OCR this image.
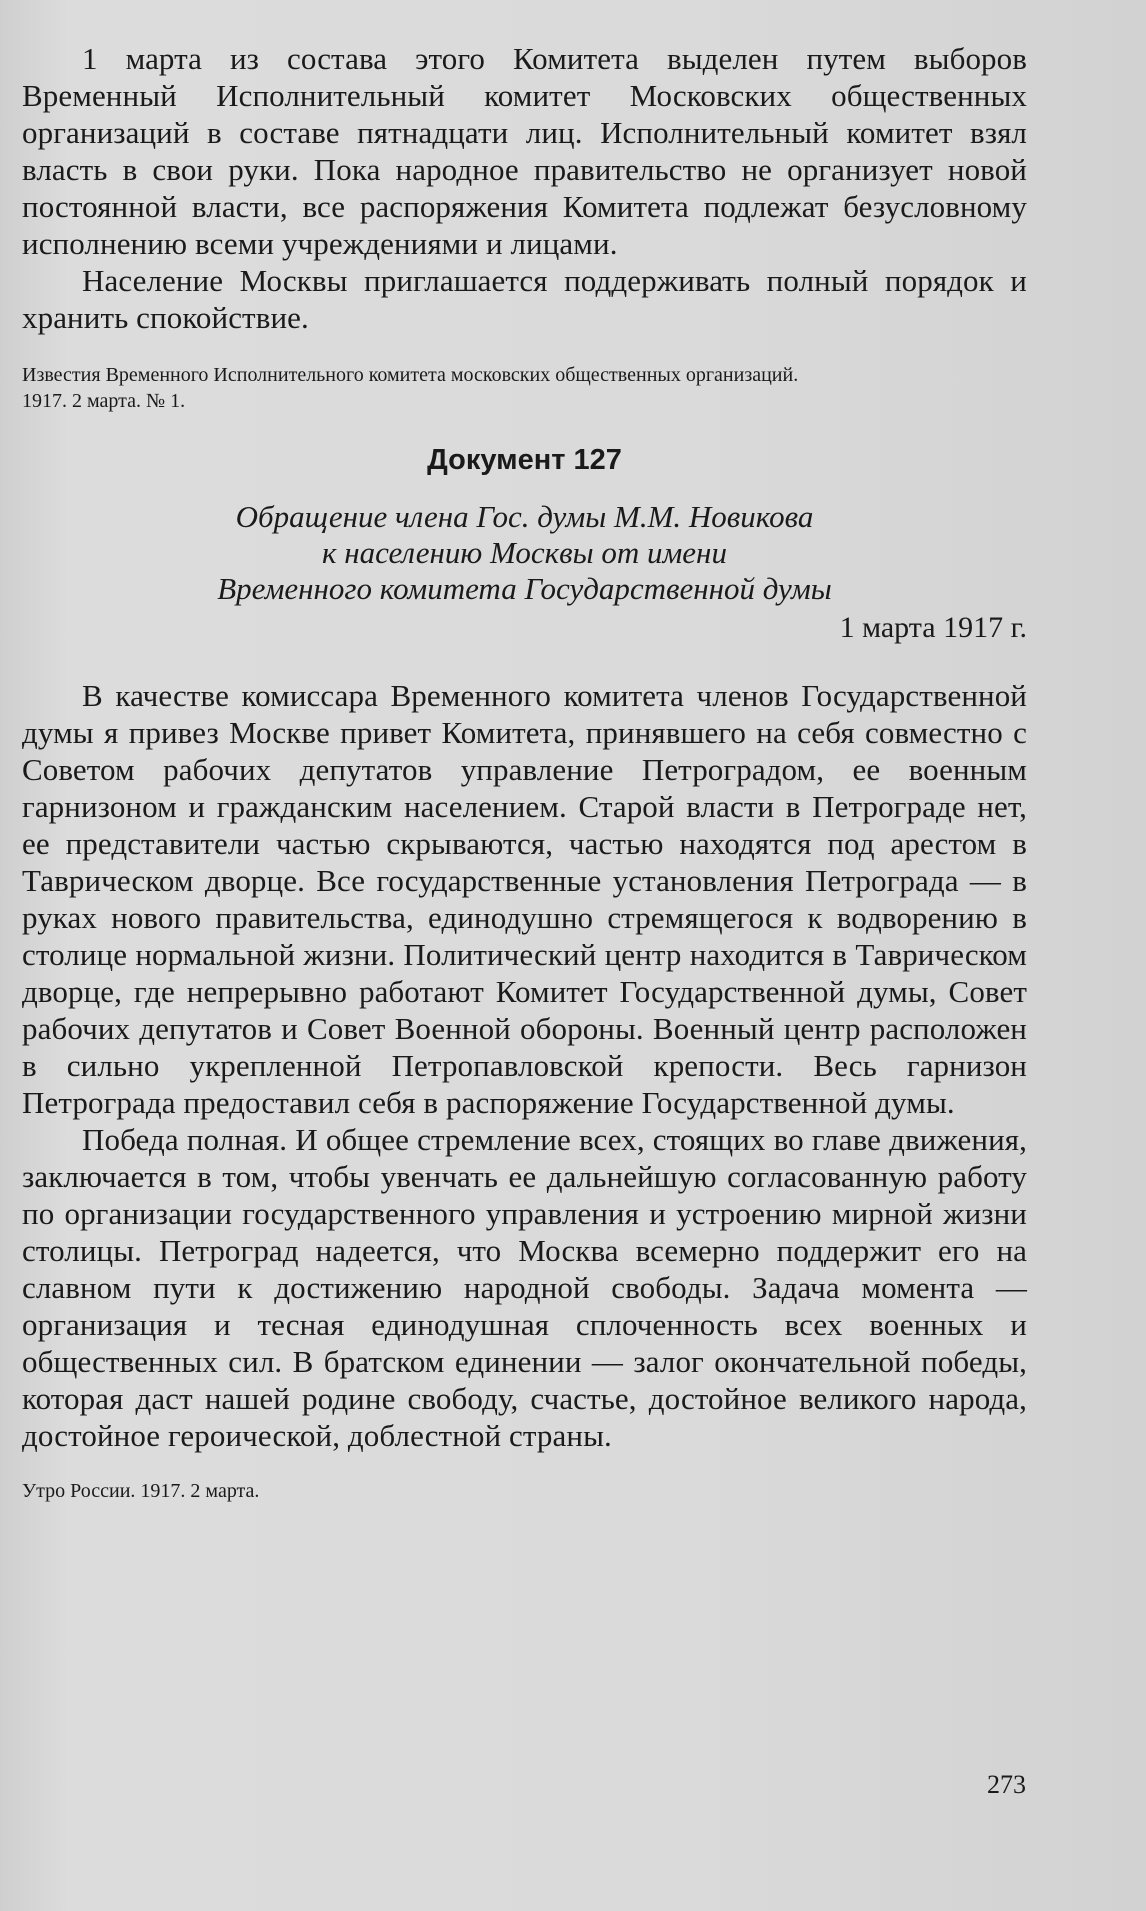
1 марта из состава этого Комитета выделен путем выборов Временный Исполнительный комитет Московских общественных организаций в составе пятнадцати лиц. Исполнительный комитет взял власть в свои руки. Пока народное правительство не организует новой постоянной власти, все распоряжения Комитета подлежат безусловному исполнению всеми учреждениями и лицами.

Население Москвы приглашается поддерживать полный порядок и хранить спокойствие.

Известия Временного Исполнительного комитета московских общественных организаций.

1917. 2 марта. № 1.

Документ 127

Обращение члена Гос. думы М.М. Новикова

к населению Москвы от имени

Временного комитета Государственной думы

1 марта 1917 г.

В качестве комиссара Временного комитета членов Государственной думы я привез Москве привет Комитета, принявшего на себя совместно с Советом рабочих депутатов управление Петроградом, ее военным гарнизоном и гражданским населением. Старой власти в Петрограде нет, ее представители частью скрываются, частью находятся под арестом в Таврическом дворце. Все государственные установления Петрограда — в руках нового правительства, единодушно стремящегося к водворению в столице нормальной жизни. Политический центр находится в Таврическом дворце, где непрерывно работают Комитет Государственной думы, Совет рабочих депутатов и Совет Военной обороны. Военный центр расположен в сильно укрепленной Петропавловской крепости. Весь гарнизон Петрограда предоставил себя в распоряжение Государственной думы.

Победа полная. И общее стремление всех, стоящих во главе движения, заключается в том, чтобы увенчать ее дальнейшую согласованную работу по организации государственного управления и устроению мирной жизни столицы. Петроград надеется, что Москва всемерно поддержит его на славном пути к достижению народной свободы. Задача момента — организация и тесная единодушная сплоченность всех военных и общественных сил. В братском единении — залог окончательной победы, которая даст нашей родине свободу, счастье, достойное великого народа, достойное героической, доблестной страны.

Утро России. 1917. 2 марта.

273
